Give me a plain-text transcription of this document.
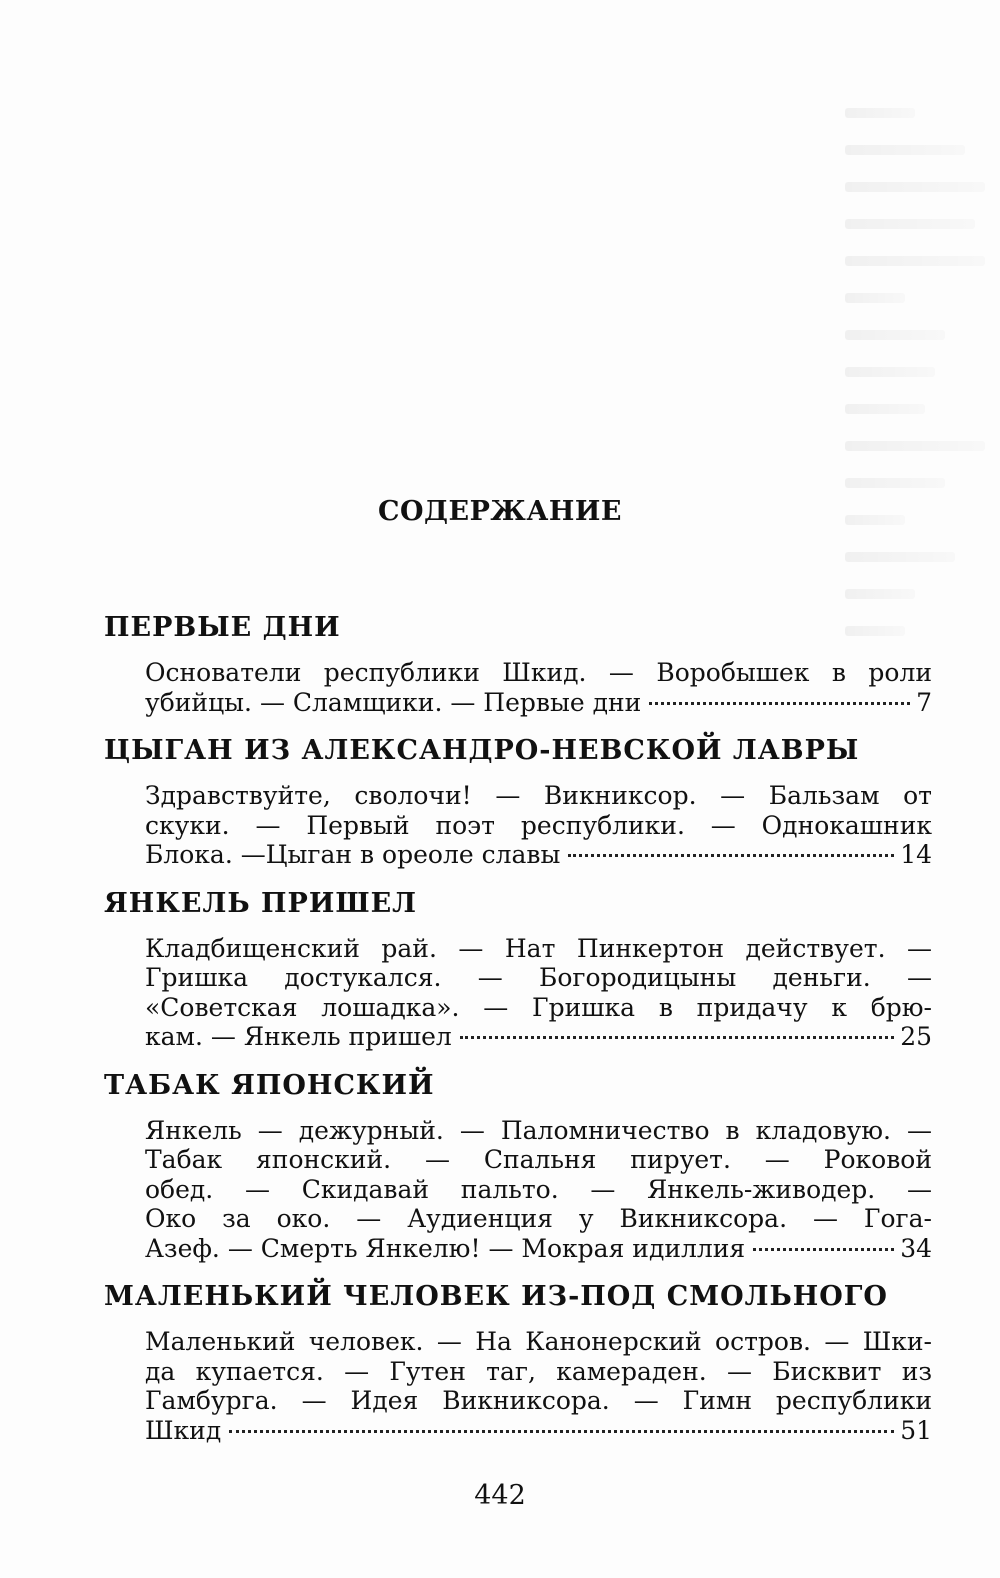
СОДЕРЖАНИЕ
ПЕРВЫЕ ДНИ
Основатели республики Шкид. — Воробышек в роли
убийцы. — Сламщики. — Первые дни	7
ЦЫГАН ИЗ АЛЕКСАНДРО-НЕВСКОЙ ЛАВРЫ
Здравствуйте, сволочи! — Викниксор. — Бальзам от
скуки. — Первый поэт республики. — Однокашник
Блока. —Цыган в ореоле славы	14
ЯНКЕЛЬ ПРИШЕЛ
Кладбищенский рай. — Нат Пинкертон действует. —
Гришка достукался. — Богородицыны деньги. —
«Советская лошадка». — Гришка в придачу к брю-
кам. — Янкель пришел	25
ТАБАК ЯПОНСКИЙ
Янкель — дежурный. — Паломничество в кладовую. —
Табак японский. — Спальня пирует. — Роковой
обед. — Скидавай пальто. — Янкель-живодер. —
Око за око. — Аудиенция у Викниксора. — Гога-
Азеф. — Смерть Янкелю! — Мокрая идиллия	34
МАЛЕНЬКИЙ ЧЕЛОВЕК ИЗ-ПОД СМОЛЬНОГО
Маленький человек. — На Канонерский остров. — Шки-
да купается. — Гутен таг, камераден. — Бисквит из
Гамбурга. — Идея Викниксора. — Гимн республики
Шкид	51
442
